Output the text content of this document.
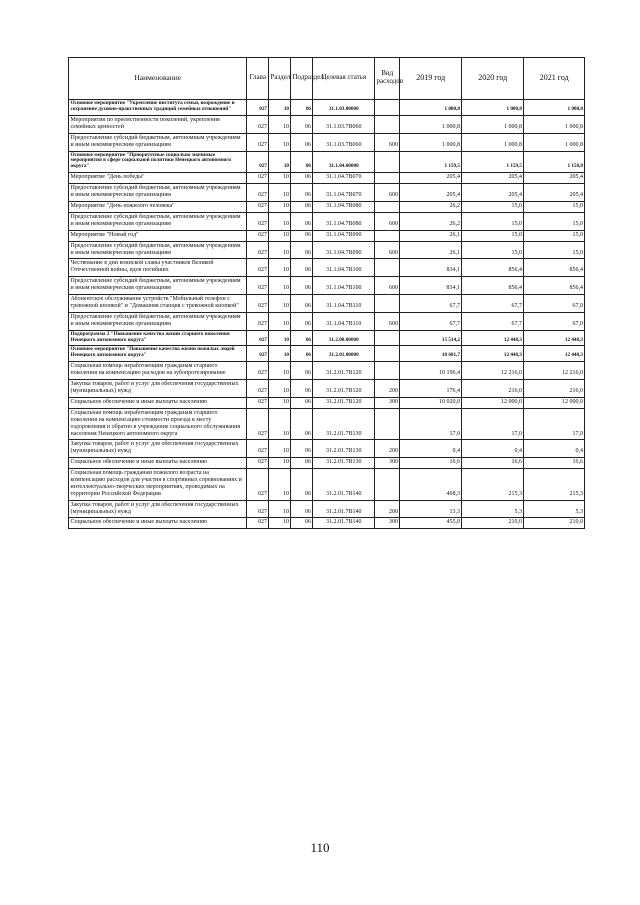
Наименование	Глава	Раздел	Подраздел	Целевая статья	Вид расходов	2019 год	2020 год	2021 год
Основное мероприятие "Укрепление института семьи, возрождение и сохранение духовно-нравственных традиций семейных отношений"	027	10	06	31.1.03.00000		1 000,8	1 000,8	1 000,8
Мероприятия по преемственности поколений, укрепления семейных ценностей	027	10	06	31.1.03.7В060		1 000,8	1 000,8	1 000,8
Предоставление субсидий бюджетным, автономным учреждениям и иным некоммерческим организациям	027	10	06	31.1.03.7В060	600	1 000,8	1 000,8	1 000,8
Основное мероприятие "Приоритетные социально значимые мероприятия в сфере социальной политики Ненецкого автономного округа"	027	10	06	31.1.04.00000		1 159,5	1 159,5	1 158,8
Мероприятие "День победы"	027	10	06	31.1.04.7В070		205,4	205,4	205,4
Предоставление субсидий бюджетным, автономным учреждениям и иным некоммерческим организациям	027	10	06	31.1.04.7В070	600	205,4	205,4	205,4
Мероприятие "День пожилого человека"	027	10	06	31.1.04.7В080		26,2	15,0	15,0
Предоставление субсидий бюджетным, автономным учреждениям и иным некоммерческим организациям	027	10	06	31.1.04.7В080	600	26,2	15,0	15,0
Мероприятие "Новый год"	027	10	06	31.1.04.7В090		26,1	15,0	15,0
Предоставление субсидий бюджетным, автономным учреждениям и иным некоммерческим организациям	027	10	06	31.1.04.7В090	600	26,1	15,0	15,0
Чествование в дни воинской славы участников Великой Отечественной войны, вдов погибших	027	10	06	31.1.04.7В100		834,1	856,4	856,4
Предоставление субсидий бюджетным, автономным учреждениям и иным некоммерческим организациям	027	10	06	31.1.04.7В100	600	834,1	856,4	856,4
Абонентское обслуживание устройств "Мобильный телефон с тревожной кнопкой" и "Домашняя станция с тревожной кнопкой"	027	10	06	31.1.04.7В110		67,7	67,7	67,0
Предоставление субсидий бюджетным, автономным учреждениям и иным некоммерческим организациям	027	10	06	31.1.04.7В110	600	67,7	67,7	67,0
Подпрограмма 2 "Повышение качества жизни старшего поколения Ненецкого автономного округа"	027	10	06	31.2.00.00000		15 514,2	12 448,3	12 448,3
Основное мероприятие "Повышение качества жизни пожилых людей Ненецкого автономного округа"	027	10	06	31.2.01.00000		10 681,7	12 448,3	12 448,3
Социальная помощь неработающим гражданам старшего поколения на компенсацию расходов на зубопротезирование	027	10	06	31.2.01.7В120		10 196,4	12 216,0	12 216,0
Закупка товаров, работ и услуг для обеспечения государственных (муниципальных) нужд	027	10	06	31.2.01.7В120	200	176,4	216,0	216,0
Социальное обеспечение и иные выплаты населению	027	10	06	31.2.01.7В120	300	10 020,0	12 000,0	12 000,0
Социальная помощь неработающим гражданам старшего поколения на компенсацию стоимости проезда к месту оздоровления и обратно в учреждение социального обслуживания населения Ненецкого автономного округа	027	10	06	31.2.01.7В130		17,0	17,0	17,0
Закупка товаров, работ и услуг для обеспечения государственных (муниципальных) нужд	027	10	06	31.2.01.7В130	200	0,4	0,4	0,4
Социальное обеспечение и иные выплаты населению	027	10	06	31.2.01.7В130	300	16,6	16,6	16,6
Социальная помощь гражданам пожилого возраста на компенсацию расходов для участия в спортивных соревнованиях и интеллектуально-творческих мероприятиях, проводимых на территории Российской Федерации	027	10	06	31.2.01.7В140		468,3	215,3	215,3
Закупка товаров, работ и услуг для обеспечения государственных (муниципальных) нужд	027	10	06	31.2.01.7В140	200	13,3	5,3	5,3
Социальное обеспечение и иные выплаты населению	027	10	06	31.2.01.7В140	300	455,0	210,0	210,0
110
